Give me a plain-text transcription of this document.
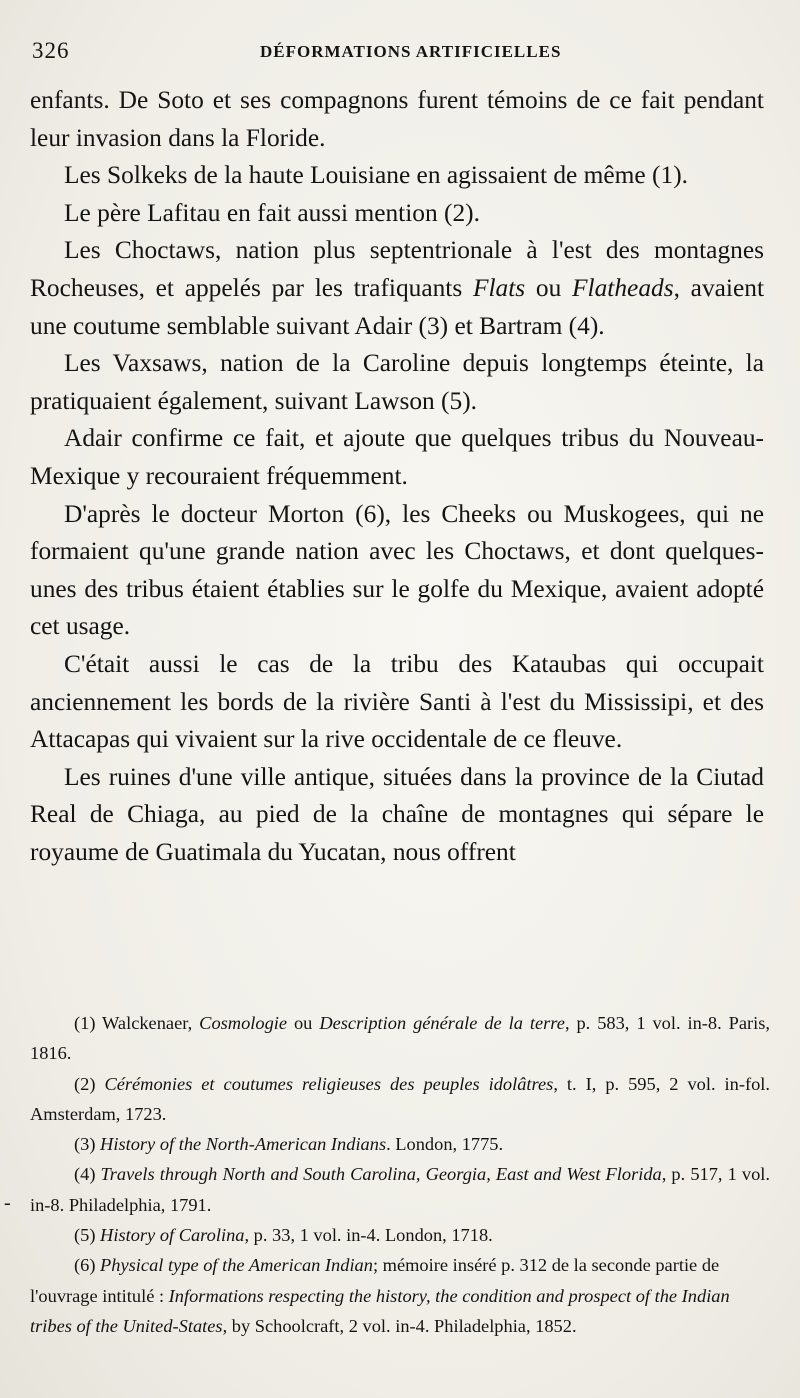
326	DÉFORMATIONS ARTIFICIELLES

enfants. De Soto et ses compagnons furent témoins de ce fait pendant leur invasion dans la Floride.

Les Solkeks de la haute Louisiane en agissaient de même (1).

Le père Lafitau en fait aussi mention (2).

Les Choctaws, nation plus septentrionale à l'est des montagnes Rocheuses, et appelés par les trafiquants Flats ou Flatheads, avaient une coutume semblable suivant Adair (3) et Bartram (4).

Les Vaxsaws, nation de la Caroline depuis longtemps éteinte, la pratiquaient également, suivant Lawson (5).

Adair confirme ce fait, et ajoute que quelques tribus du Nouveau-Mexique y recouraient fréquemment.

D'après le docteur Morton (6), les Cheeks ou Muskogees, qui ne formaient qu'une grande nation avec les Choctaws, et dont quelques-unes des tribus étaient établies sur le golfe du Mexique, avaient adopté cet usage.

C'était aussi le cas de la tribu des Kataubas qui occupait anciennement les bords de la rivière Santi à l'est du Mississipi, et des Attacapas qui vivaient sur la rive occidentale de ce fleuve.

Les ruines d'une ville antique, situées dans la province de la Ciutad Real de Chiaga, au pied de la chaîne de montagnes qui sépare le royaume de Guatimala du Yucatan, nous offrent

-

(1) Walckenaer, Cosmologie ou Description générale de la terre, p. 583, 1 vol. in-8. Paris, 1816.

(2) Cérémonies et coutumes religieuses des peuples idolâtres, t. I, p. 595, 2 vol. in-fol. Amsterdam, 1723.

(3) History of the North-American Indians. London, 1775.

(4) Travels through North and South Carolina, Georgia, East and West Florida, p. 517, 1 vol. in-8. Philadelphia, 1791.

(5) History of Carolina, p. 33, 1 vol. in-4. London, 1718.

(6) Physical type of the American Indian; mémoire inséré p. 312 de la seconde partie de l'ouvrage intitulé : Informations respecting the history, the condition and prospect of the Indian tribes of the United-States, by Schoolcraft, 2 vol. in-4. Philadelphia, 1852.
